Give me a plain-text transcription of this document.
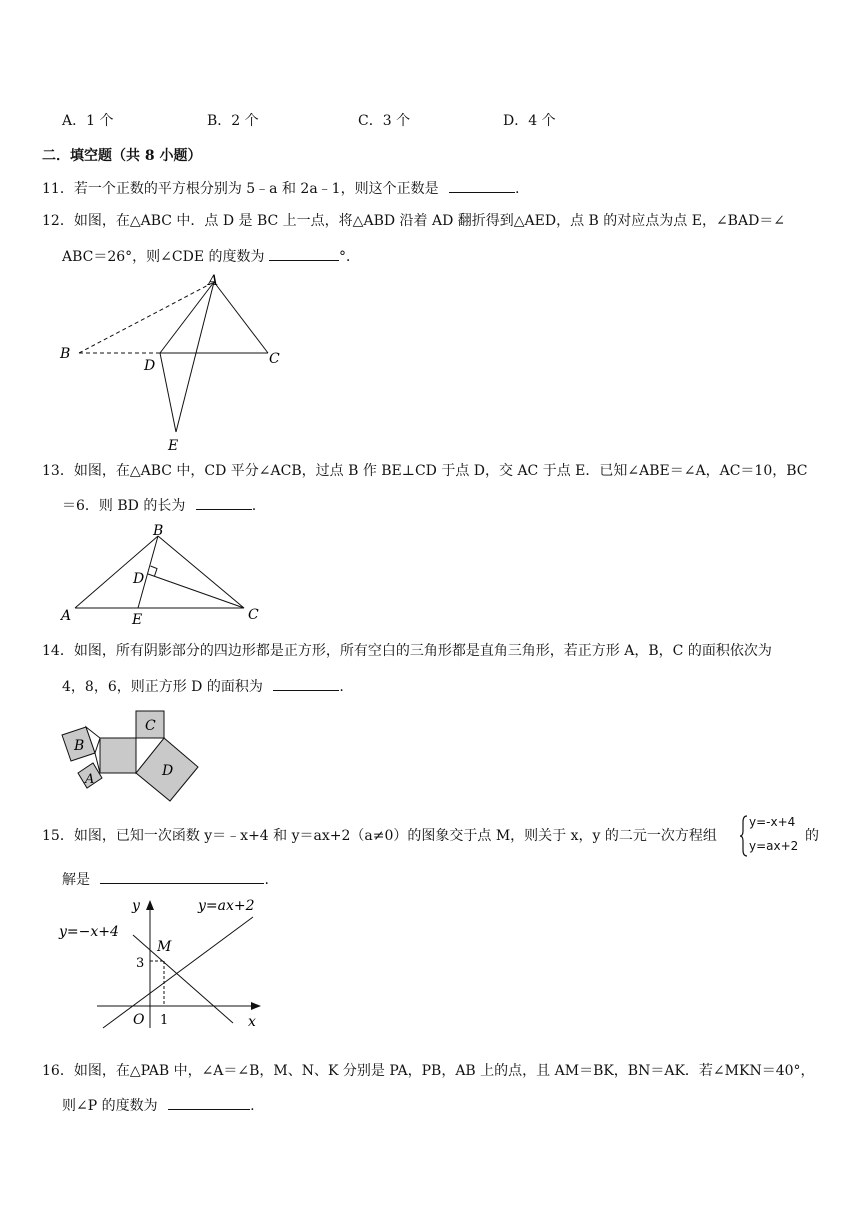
A．1 个	B．2 个	C．3 个	D．4 个
二．填空题（共 8 小题）
11．若一个正数的平方根分别为 5﹣a 和 2a﹣1，则这个正数是	.
12．如图，在△ABC 中．点 D 是 BC 上一点，将△ABD 沿着 AD 翻折得到△AED，点 B 的对应点为点 E，∠BAD＝∠
ABC＝26°，则∠CDE 的度数为	°．
A
B	C
D
E
13．如图，在△ABC 中，CD 平分∠ACB，过点 B 作 BE⊥CD 于点 D，交 AC 于点 E．已知∠ABE＝∠A，AC＝10，BC
＝6．则 BD 的长为	.
A
B
C
D
E
14．如图，所有阴影部分的四边形都是正方形，所有空白的三角形都是直角三角形，若正方形 A，B，C 的面积依次为
4，8，6，则正方形 D 的面积为	.
A
B
C
D
15．如图，已知一次函数 y＝﹣x+4 和 y＝ax+2（a≠0）的图象交于点 M，则关于 x，y 的二元一次方程组
y=-x+4
y=ax+2
的
解是	.
y
x
O
y=−x+4
y=ax+2
M
3
1
16．如图，在△PAB 中，∠A＝∠B，M、N、K 分别是 PA，PB，AB 上的点，且 AM＝BK，BN＝AK．若∠MKN＝40°，
则∠P 的度数为	.
